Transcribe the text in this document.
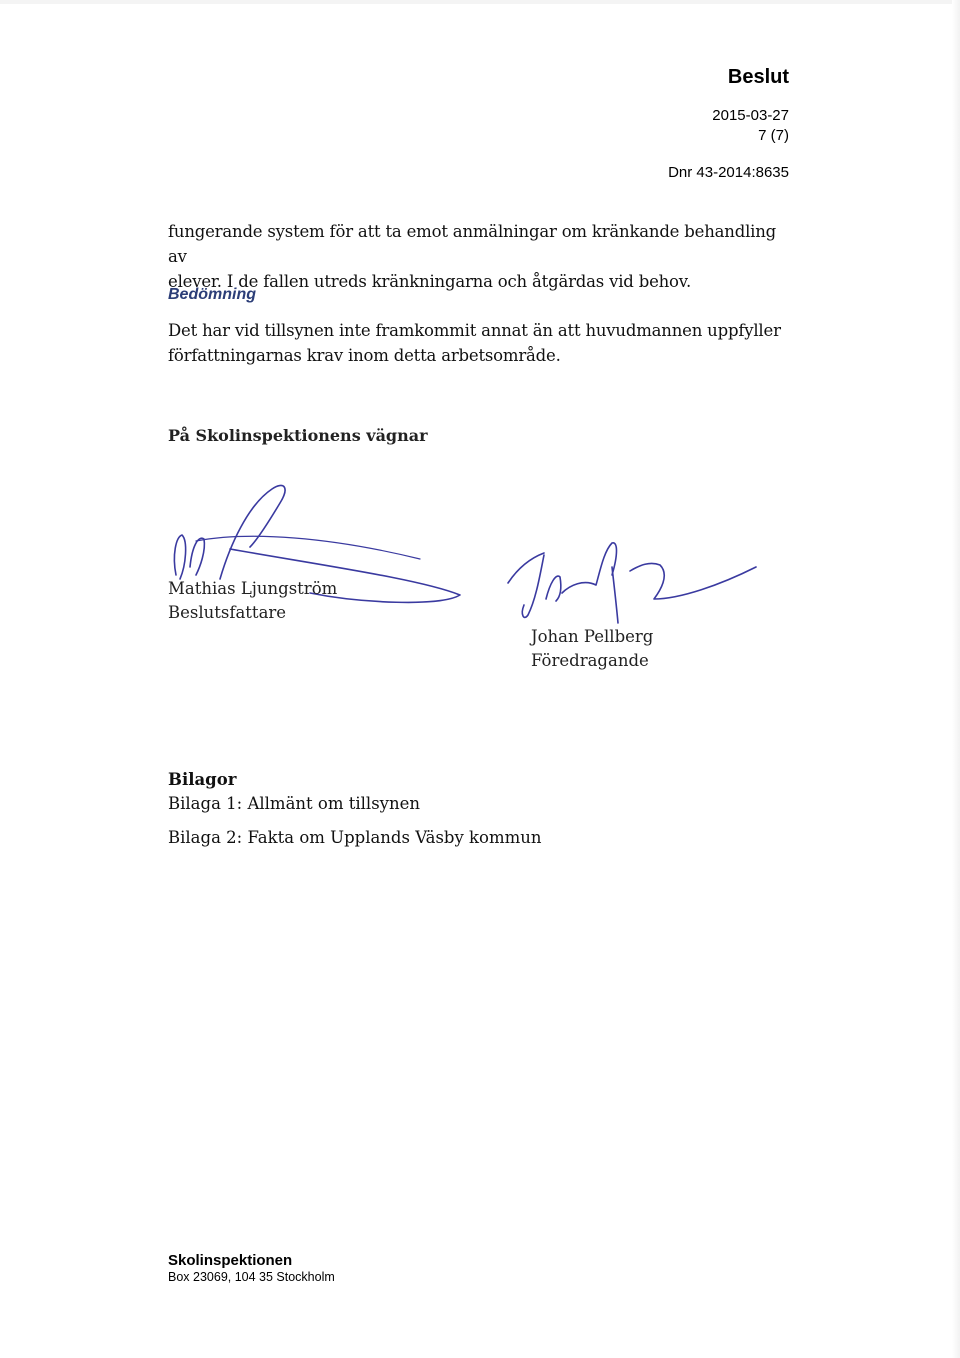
Beslut
2015-03-27
7 (7)
Dnr 43-2014:8635
fungerande system för att ta emot anmälningar om kränkande behandling av
elever. I de fallen utreds kränkningarna och åtgärdas vid behov.
Bedömning
Det har vid tillsynen inte framkommit annat än att huvudmannen uppfyller
författningarnas krav inom detta arbetsområde.
På Skolinspektionens vägnar
Mathias Ljungström
Beslutsfattare
Johan Pellberg
Föredragande
Bilagor
Bilaga 1: Allmänt om tillsynen
Bilaga 2: Fakta om Upplands Väsby kommun
Skolinspektionen
Box 23069, 104 35 Stockholm
